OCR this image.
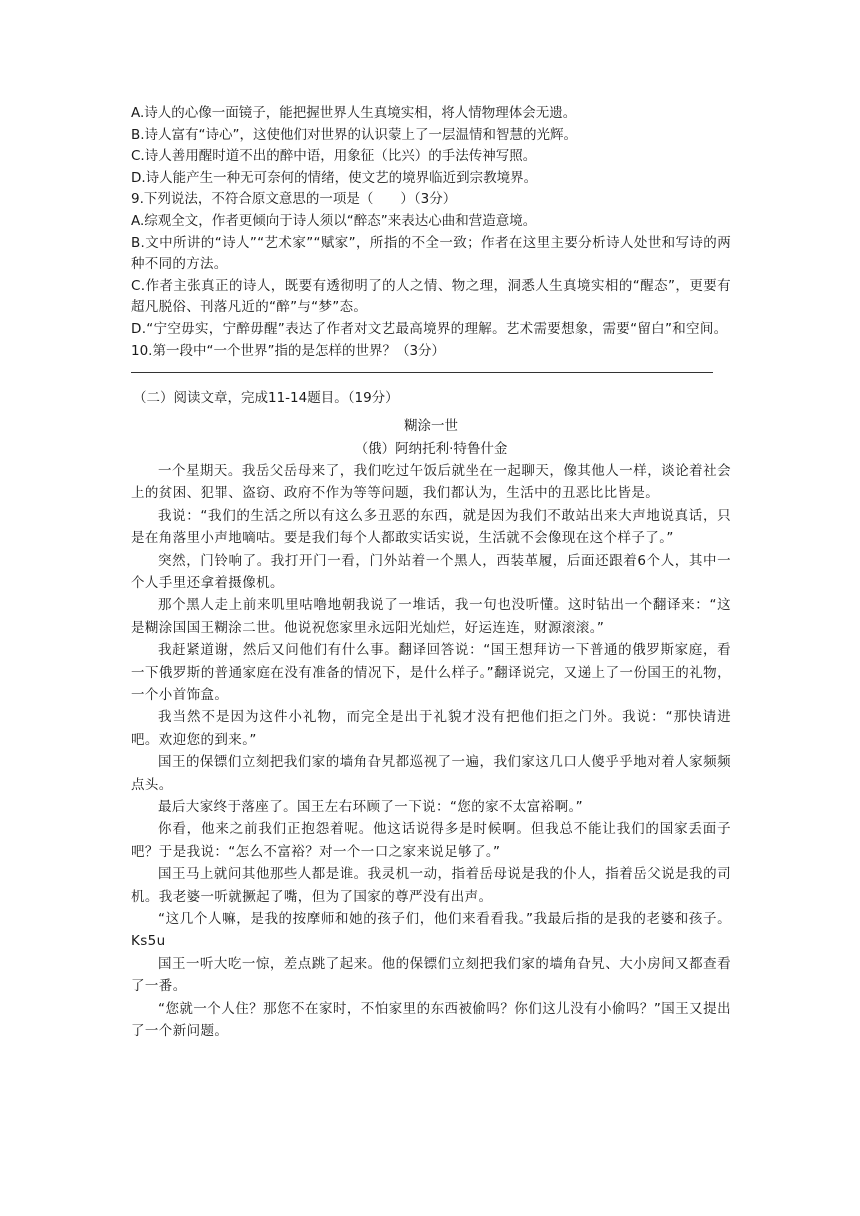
A.诗人的心像一面镜子，能把握世界人生真境实相，将人情物理体会无遗。

B.诗人富有“诗心”，这使他们对世界的认识蒙上了一层温情和智慧的光辉。

C.诗人善用醒时道不出的醉中语，用象征（比兴）的手法传神写照。

D.诗人能产生一种无可奈何的情绪，使文艺的境界临近到宗教境界。

9.下列说法，不符合原文意思的一项是（　　）（3分）

A.综观全文，作者更倾向于诗人须以“醉态”来表达心曲和营造意境。

B.文中所讲的“诗人”“艺术家”“赋家”，所指的不全一致；作者在这里主要分析诗人处世和写诗的两种不同的方法。

C.作者主张真正的诗人，既要有透彻明了的人之情、物之理，洞悉人生真境实相的“醒态”，更要有超凡脱俗、刊落凡近的“醉”与“梦”态。

D.“宁空毋实，宁醉毋醒”表达了作者对文艺最高境界的理解。艺术需要想象，需要“留白”和空间。

10.第一段中“一个世界”指的是怎样的世界？（3分）

（二）阅读文章，完成11-14题目。（19分）

糊涂一世

（俄）阿纳托利·特鲁什金

一个星期天。我岳父岳母来了，我们吃过午饭后就坐在一起聊天，像其他人一样，谈论着社会上的贫困、犯罪、盗窃、政府不作为等等问题，我们都认为，生活中的丑恶比比皆是。

我说：“我们的生活之所以有这么多丑恶的东西，就是因为我们不敢站出来大声地说真话，只是在角落里小声地嘀咕。要是我们每个人都敢实话实说，生活就不会像现在这个样子了。”

突然，门铃响了。我打开门一看，门外站着一个黑人，西装革履，后面还跟着6个人，其中一个人手里还拿着摄像机。

那个黑人走上前来叽里咕噜地朝我说了一堆话，我一句也没听懂。这时钻出一个翻译来：“这是糊涂国国王糊涂二世。他说祝您家里永远阳光灿烂，好运连连，财源滚滚。”

我赶紧道谢，然后又问他们有什么事。翻译回答说：“国王想拜访一下普通的俄罗斯家庭，看一下俄罗斯的普通家庭在没有准备的情况下，是什么样子。”翻译说完，又递上了一份国王的礼物，一个小首饰盒。

我当然不是因为这件小礼物，而完全是出于礼貌才没有把他们拒之门外。我说：“那快请进吧。欢迎您的到来。”

国王的保镖们立刻把我们家的墙角旮旯都巡视了一遍，我们家这几口人傻乎乎地对着人家频频点头。

最后大家终于落座了。国王左右环顾了一下说：“您的家不太富裕啊。”

你看，他来之前我们正抱怨着呢。他这话说得多是时候啊。但我总不能让我们的国家丢面子吧？于是我说：“怎么不富裕？对一个一口之家来说足够了。”

国王马上就问其他那些人都是谁。我灵机一动，指着岳母说是我的仆人，指着岳父说是我的司机。我老婆一听就撅起了嘴，但为了国家的尊严没有出声。

“这几个人嘛，是我的按摩师和她的孩子们，他们来看看我。”我最后指的是我的老婆和孩子。Ks5u

国王一听大吃一惊，差点跳了起来。他的保镖们立刻把我们家的墙角旮旯、大小房间又都查看了一番。

“您就一个人住？那您不在家时，不怕家里的东西被偷吗？你们这儿没有小偷吗？”国王又提出了一个新问题。
